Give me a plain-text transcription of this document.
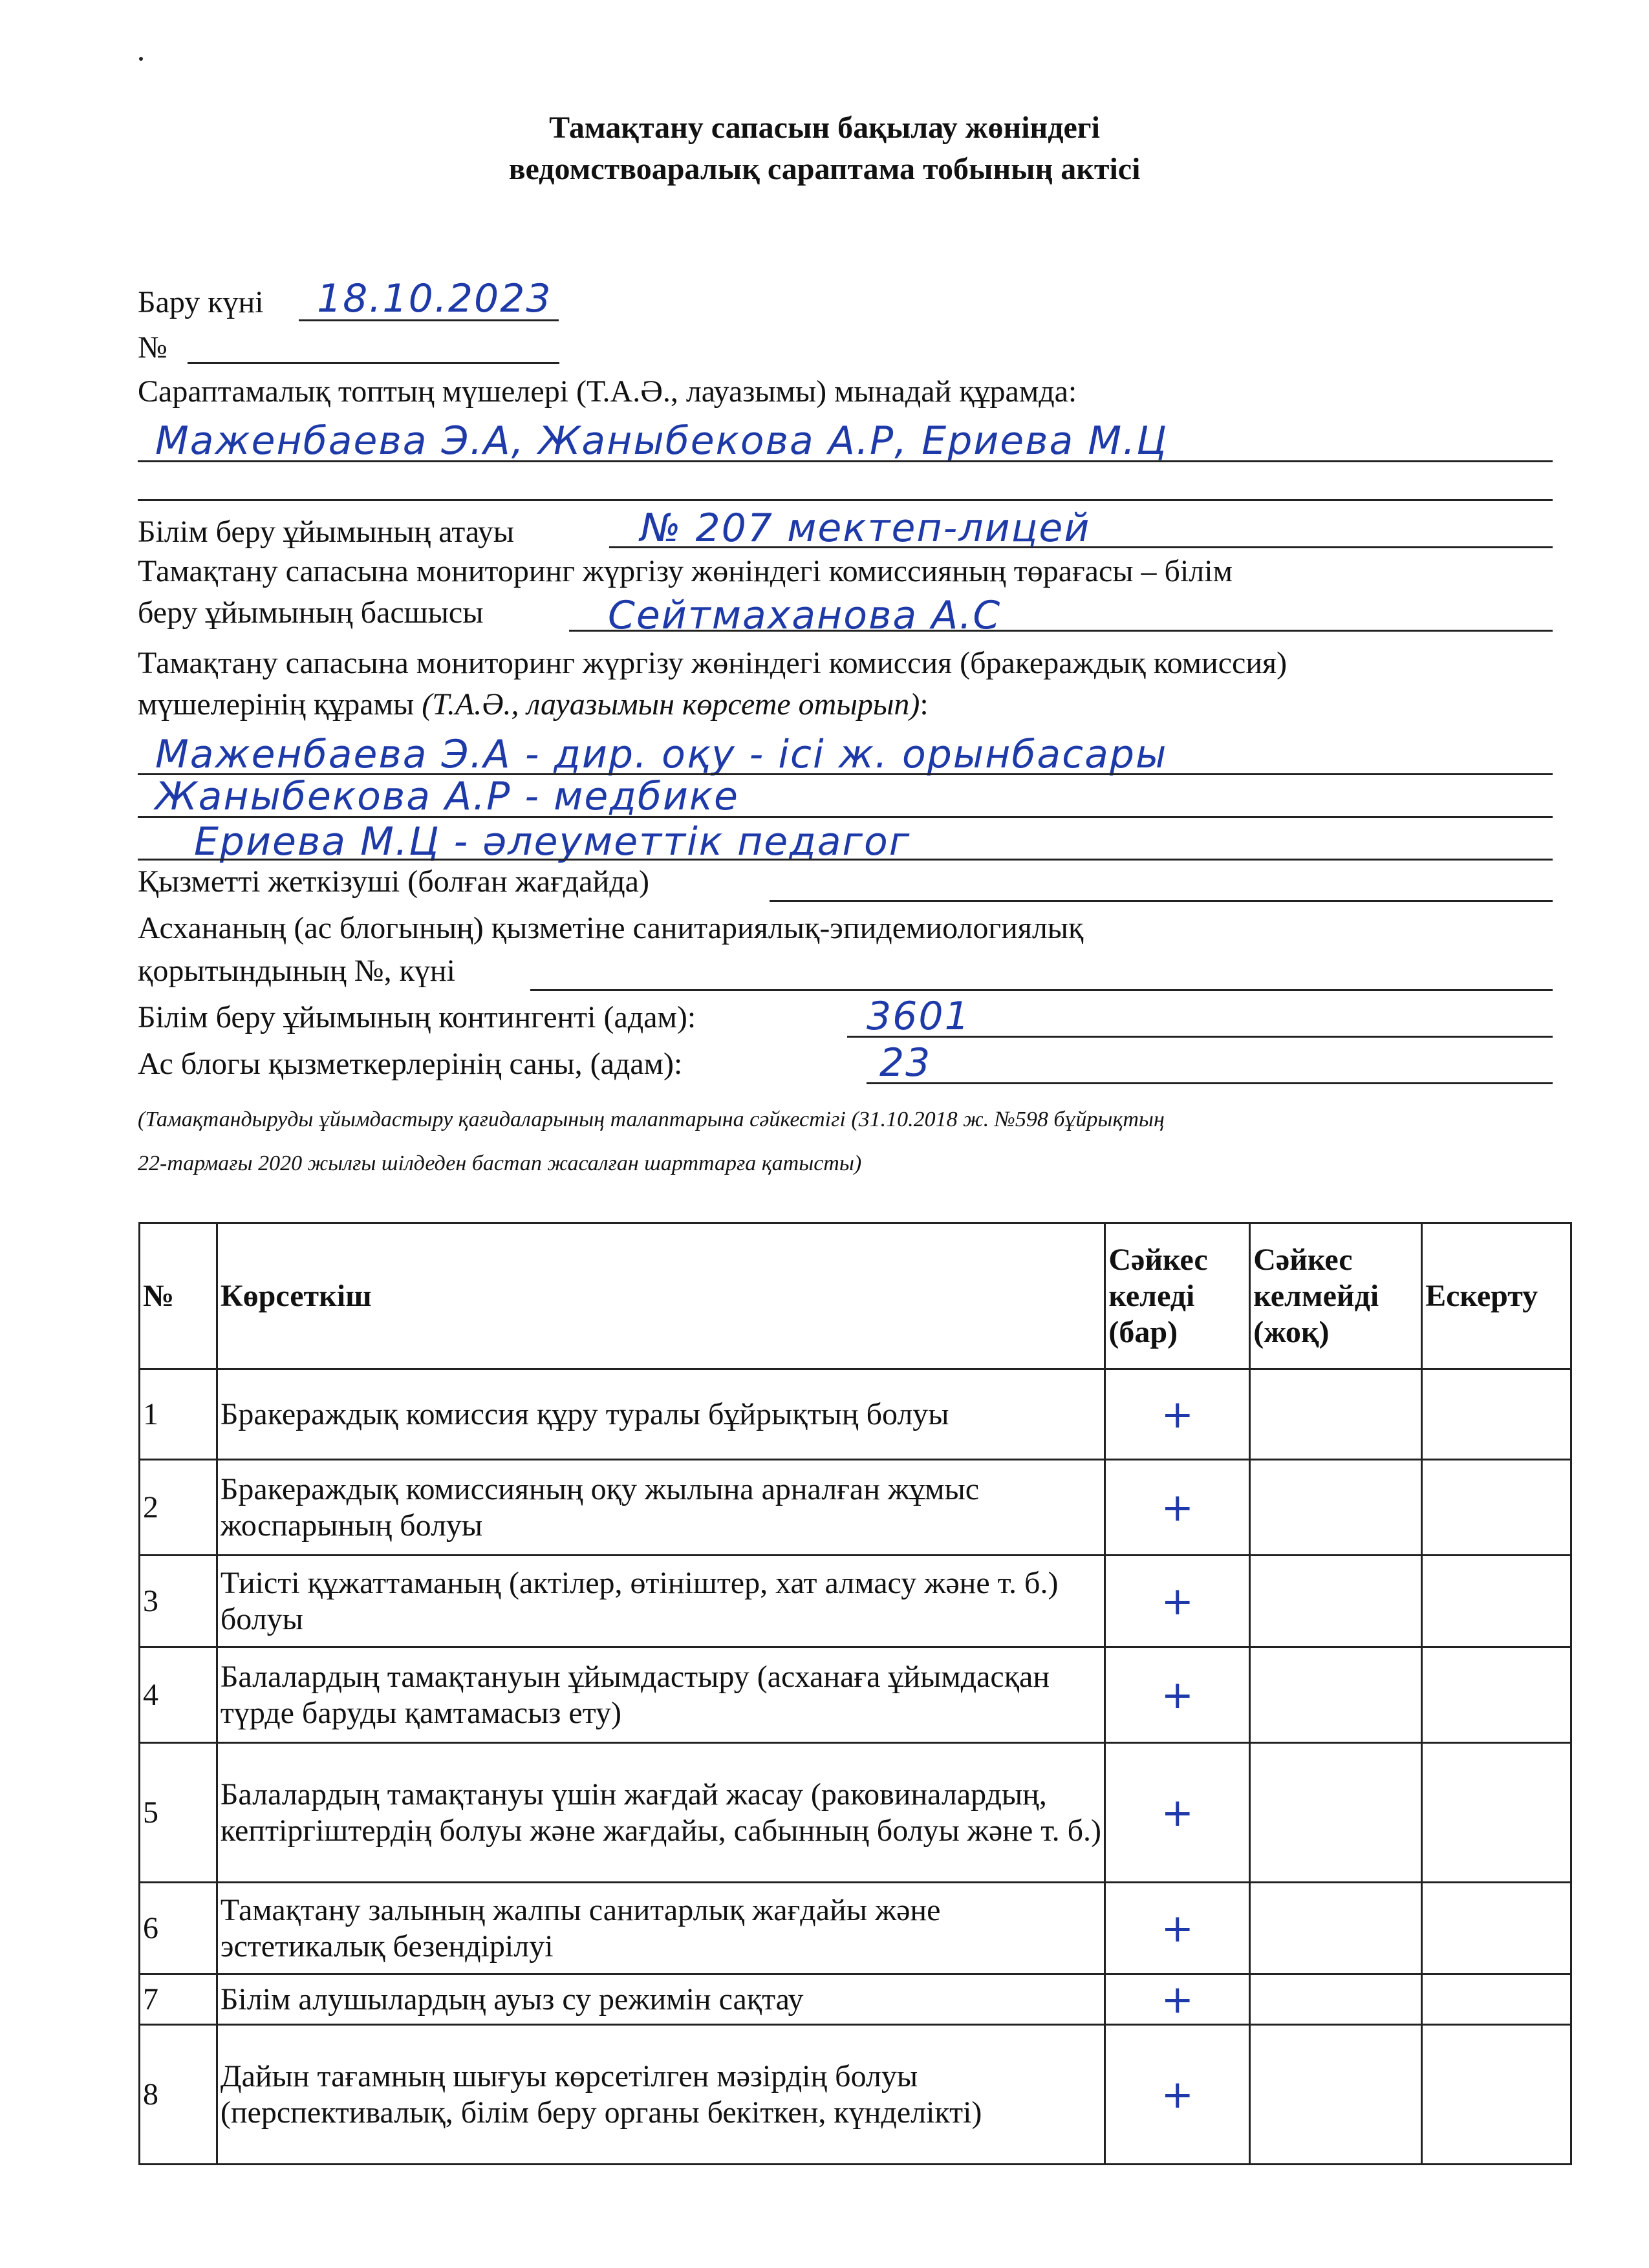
Тамақтану сапасын бақылау жөніндегі
ведомствоаралық сараптама тобының актісі
Бару күні 18.10.2023
№
Сараптамалық топтың мүшелері (Т.А.Ә., лауазымы) мынадай құрамда:
Маженбаева Э.А, Жаныбекова А.Р, Ериева М.Ц
Білім беру ұйымының атауы	№ 207 мектеп-лицей
Тамақтану сапасына мониторинг жүргізу жөніндегі комиссияның төрағасы – білім
беру ұйымының басшысы	Сейтмаханова А.С
Тамақтану сапасына мониторинг жүргізу жөніндегі комиссия (бракераждық комиссия)
мүшелерінің құрамы (Т.А.Ә., лауазымын көрсете отырып):
Маженбаева Э.А - дир. оқу - ісі ж. орынбасары
Жаныбекова А.Р - медбике
Ериева М.Ц - әлеуметтік педагог
Қызметті жеткізуші (болған жағдайда)
Асхананың (ас блогының) қызметіне санитариялық-эпидемиологиялық
қорытындының №, күні
Білім беру ұйымының контингенті (адам):	3601
Ас блогы қызметкерлерінің саны, (адам):	23
(Тамақтандыруды ұйымдастыру қағидаларының талаптарына сәйкестігі (31.10.2018 ж. №598 бұйрықтың
22-тармағы 2020 жылғы шілдеден бастап жасалған шарттарға қатысты)
№	Көрсеткіш	Сәйкес келеді (бар)	Сәйкес келмейді (жоқ)	Ескерту
1	Бракераждық комиссия құру туралы бұйрықтың болуы	+		
2	Бракераждық комиссияның оқу жылына арналған жұмыс жоспарының болуы	+		
3	Тиісті құжаттаманың (актілер, өтініштер, хат алмасу және т. б.) болуы	+		
4	Балалардың тамақтануын ұйымдастыру (асханаға ұйымдасқан түрде баруды қамтамасыз ету)	+		
5	Балалардың тамақтануы үшін жағдай жасау (раковиналардың, кептіргіштердің болуы және жағдайы, сабынның болуы және т. б.)	+		
6	Тамақтану залының жалпы санитарлық жағдайы және эстетикалық безендірілуі	+		
7	Білім алушылардың ауыз су режимін сақтау	+		
8	Дайын тағамның шығуы көрсетілген мәзірдің болуы (перспективалық, білім беру органы бекіткен, күнделікті)	+		
